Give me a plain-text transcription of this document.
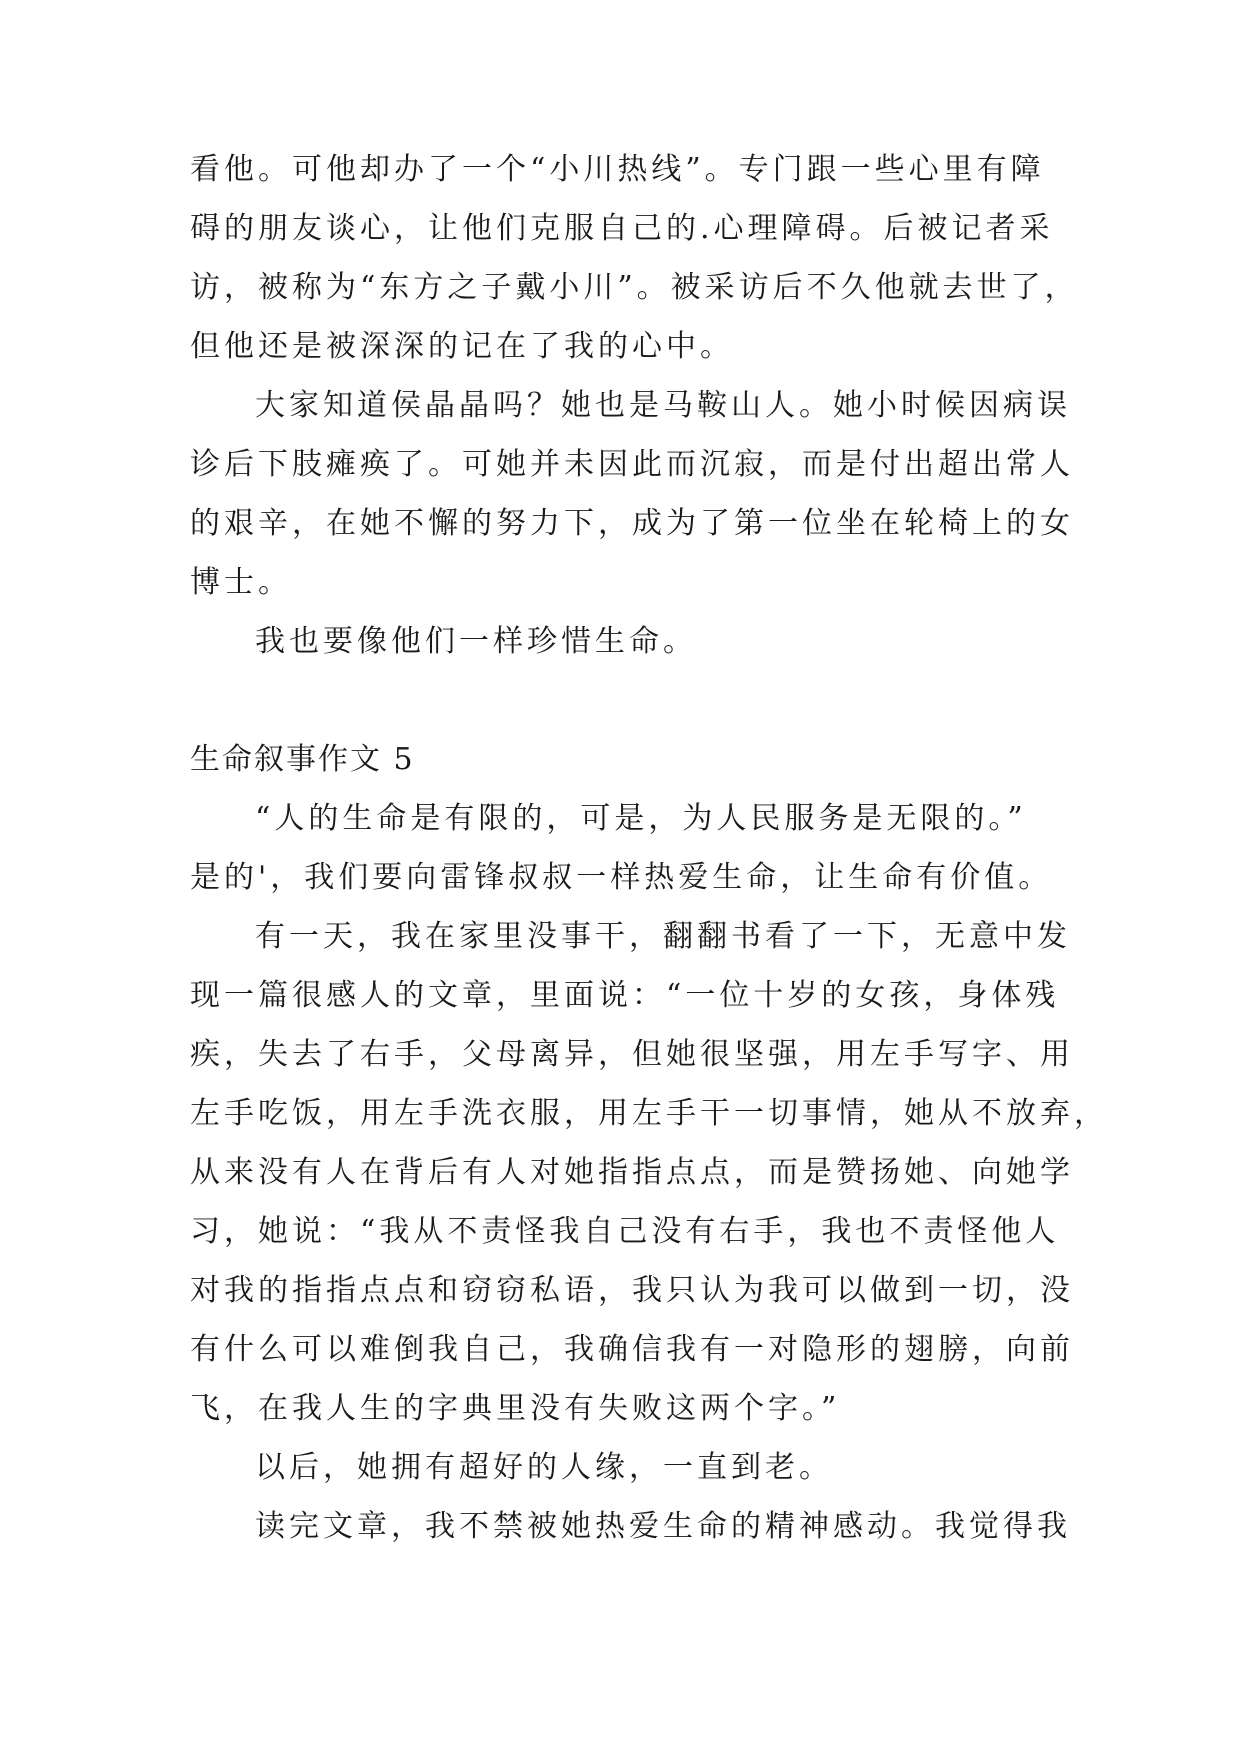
看他。可他却办了一个“小川热线”。专门跟一些心里有障
碍的朋友谈心，让他们克服自己的.心理障碍。后被记者采
访，被称为“东方之子戴小川”。被采访后不久他就去世了，
但他还是被深深的记在了我的心中。
大家知道侯晶晶吗？她也是马鞍山人。她小时候因病误
诊后下肢瘫痪了。可她并未因此而沉寂，而是付出超出常人
的艰辛，在她不懈的努力下，成为了第一位坐在轮椅上的女
博士。
我也要像他们一样珍惜生命。
生命叙事作文 5
“人的生命是有限的，可是，为人民服务是无限的。”
是的'，我们要向雷锋叔叔一样热爱生命，让生命有价值。
有一天，我在家里没事干，翻翻书看了一下，无意中发
现一篇很感人的文章，里面说：“一位十岁的女孩，身体残
疾，失去了右手，父母离异，但她很坚强，用左手写字、用
左手吃饭，用左手洗衣服，用左手干一切事情，她从不放弃，
从来没有人在背后有人对她指指点点，而是赞扬她、向她学
习，她说：“我从不责怪我自己没有右手，我也不责怪他人
对我的指指点点和窃窃私语，我只认为我可以做到一切，没
有什么可以难倒我自己，我确信我有一对隐形的翅膀，向前
飞，在我人生的字典里没有失败这两个字。”
以后，她拥有超好的人缘，一直到老。
读完文章，我不禁被她热爱生命的精神感动。我觉得我
